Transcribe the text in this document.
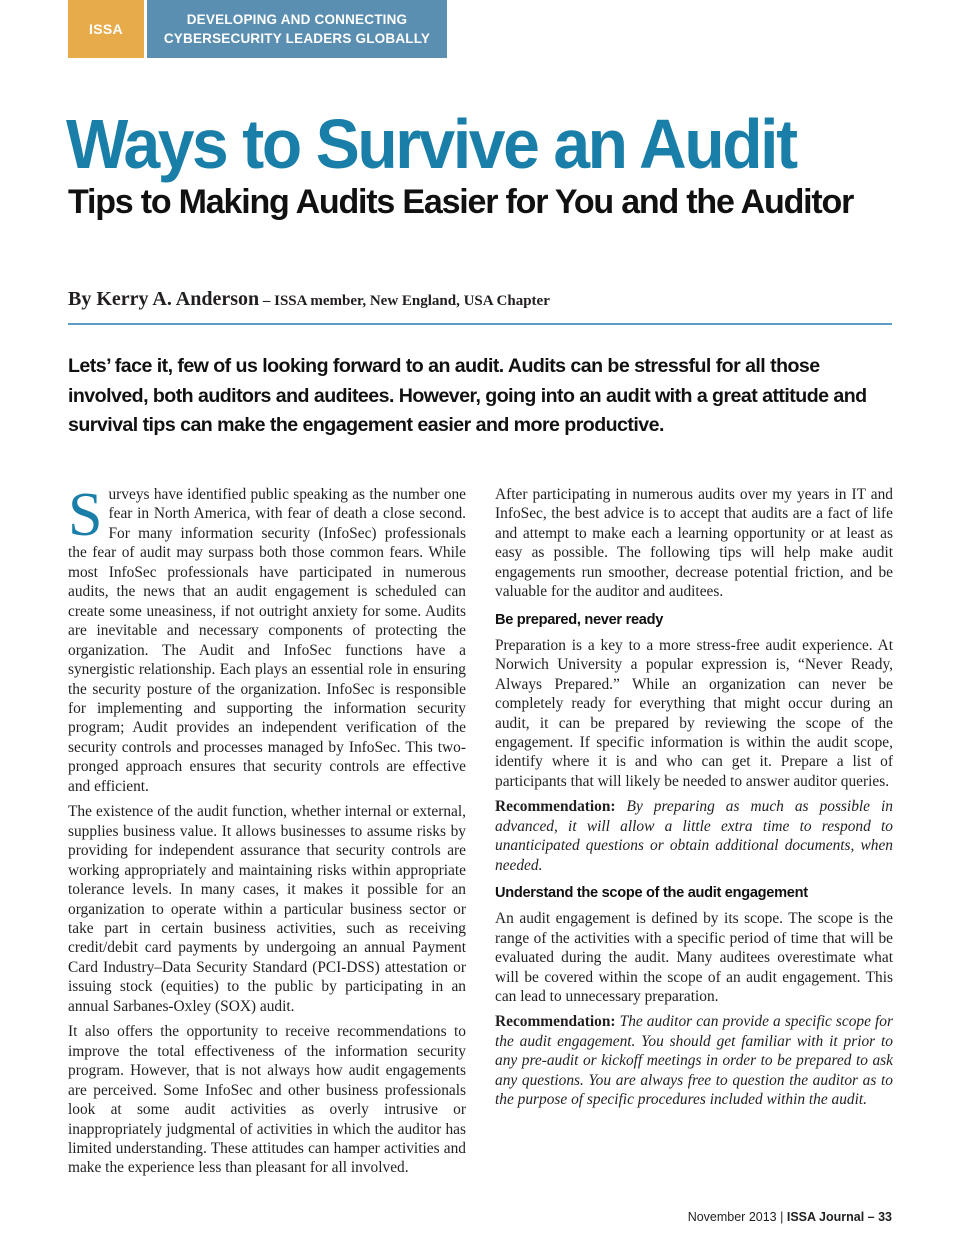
ISSA
DEVELOPING AND CONNECTING
CYBERSECURITY LEADERS GLOBALLY
Ways to Survive an Audit
Tips to Making Audits Easier for You and the Auditor
By Kerry A. Anderson – ISSA member, New England, USA Chapter

Lets’ face it, few of us looking forward to an audit. Audits can be stressful for all those involved, both auditors and auditees. However, going into an audit with a great attitude and survival tips can make the engagement easier and more productive.

Surveys have identified public speaking as the number one fear in North America, with fear of death a close second. For many information security (InfoSec) professionals the fear of audit may surpass both those common fears. While most InfoSec professionals have participated in numerous audits, the news that an audit engagement is scheduled can create some uneasiness, if not outright anxiety for some. Audits are inevitable and necessary components of protecting the organization. The Audit and InfoSec functions have a synergistic relationship. Each plays an essential role in ensuring the security posture of the organization. InfoSec is responsible for implementing and supporting the information security program; Audit provides an independent verification of the security controls and processes managed by InfoSec. This two-pronged approach ensures that security controls are effective and efficient.

The existence of the audit function, whether internal or external, supplies business value. It allows businesses to assume risks by providing for independent assurance that security controls are working appropriately and maintaining risks within appropriate tolerance levels. In many cases, it makes it possible for an organization to operate within a particular business sector or take part in certain business activities, such as receiving credit/debit card payments by undergoing an annual Payment Card Industry–Data Security Standard (PCI-DSS) attestation or issuing stock (equities) to the public by participating in an annual Sarbanes-Oxley (SOX) audit.

It also offers the opportunity to receive recommendations to improve the total effectiveness of the information security program. However, that is not always how audit engagements are perceived. Some InfoSec and other business professionals look at some audit activities as overly intrusive or inappropriately judgmental of activities in which the auditor has limited understanding. These attitudes can hamper activities and make the experience less than pleasant for all involved.

After participating in numerous audits over my years in IT and InfoSec, the best advice is to accept that audits are a fact of life and attempt to make each a learning opportunity or at least as easy as possible. The following tips will help make audit engagements run smoother, decrease potential friction, and be valuable for the auditor and auditees.

Be prepared, never ready

Preparation is a key to a more stress-free audit experience. At Norwich University a popular expression is, “Never Ready, Always Prepared.” While an organization can never be completely ready for everything that might occur during an audit, it can be prepared by reviewing the scope of the engagement. If specific information is within the audit scope, identify where it is and who can get it. Prepare a list of participants that will likely be needed to answer auditor queries.

Recommendation: By preparing as much as possible in advanced, it will allow a little extra time to respond to unanticipated questions or obtain additional documents, when needed.

Understand the scope of the audit engagement

An audit engagement is defined by its scope. The scope is the range of the activities with a specific period of time that will be evaluated during the audit. Many auditees overestimate what will be covered within the scope of an audit engagement. This can lead to unnecessary preparation.

Recommendation: The auditor can provide a specific scope for the audit engagement. You should get familiar with it prior to any pre-audit or kickoff meetings in order to be prepared to ask any questions. You are always free to question the auditor as to the purpose of specific procedures included within the audit.

November 2013 | ISSA Journal – 33
